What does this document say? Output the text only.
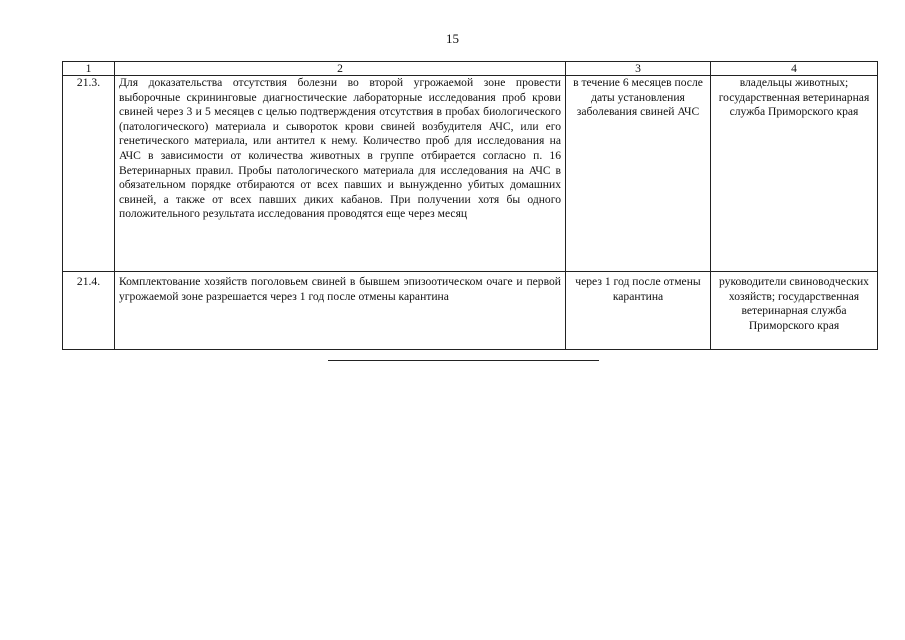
15
1	2	3	4
21.3.	Для доказательства отсутствия болезни во второй угрожаемой зоне провести выборочные скрининговые диагностические лабораторные исследования проб крови свиней через 3 и 5 месяцев с целью подтверждения отсутствия в пробах биологического (патологического) материала и сывороток крови свиней возбудителя АЧС, или его генетического материала, или антител к нему. Количество проб для исследования на АЧС в зависимости от количества животных в группе отбирается согласно п. 16 Ветеринарных правил. Пробы патологического материала для исследования на АЧС в обязательном порядке отбираются от всех павших и вынужденно убитых домашних свиней, а также от всех павших диких кабанов. При получении хотя бы одного положительного результата исследования проводятся еще через месяц	в течение 6 месяцев после даты установления заболевания свиней АЧС	владельцы животных; государственная ветеринарная служба Приморского края
21.4.	Комплектование хозяйств поголовьем свиней в бывшем эпизоотическом очаге и первой угрожаемой зоне разрешается через 1 год после отмены карантина	через 1 год после отмены карантина	руководители свиноводческих хозяйств; государственная ветеринарная служба Приморского края
